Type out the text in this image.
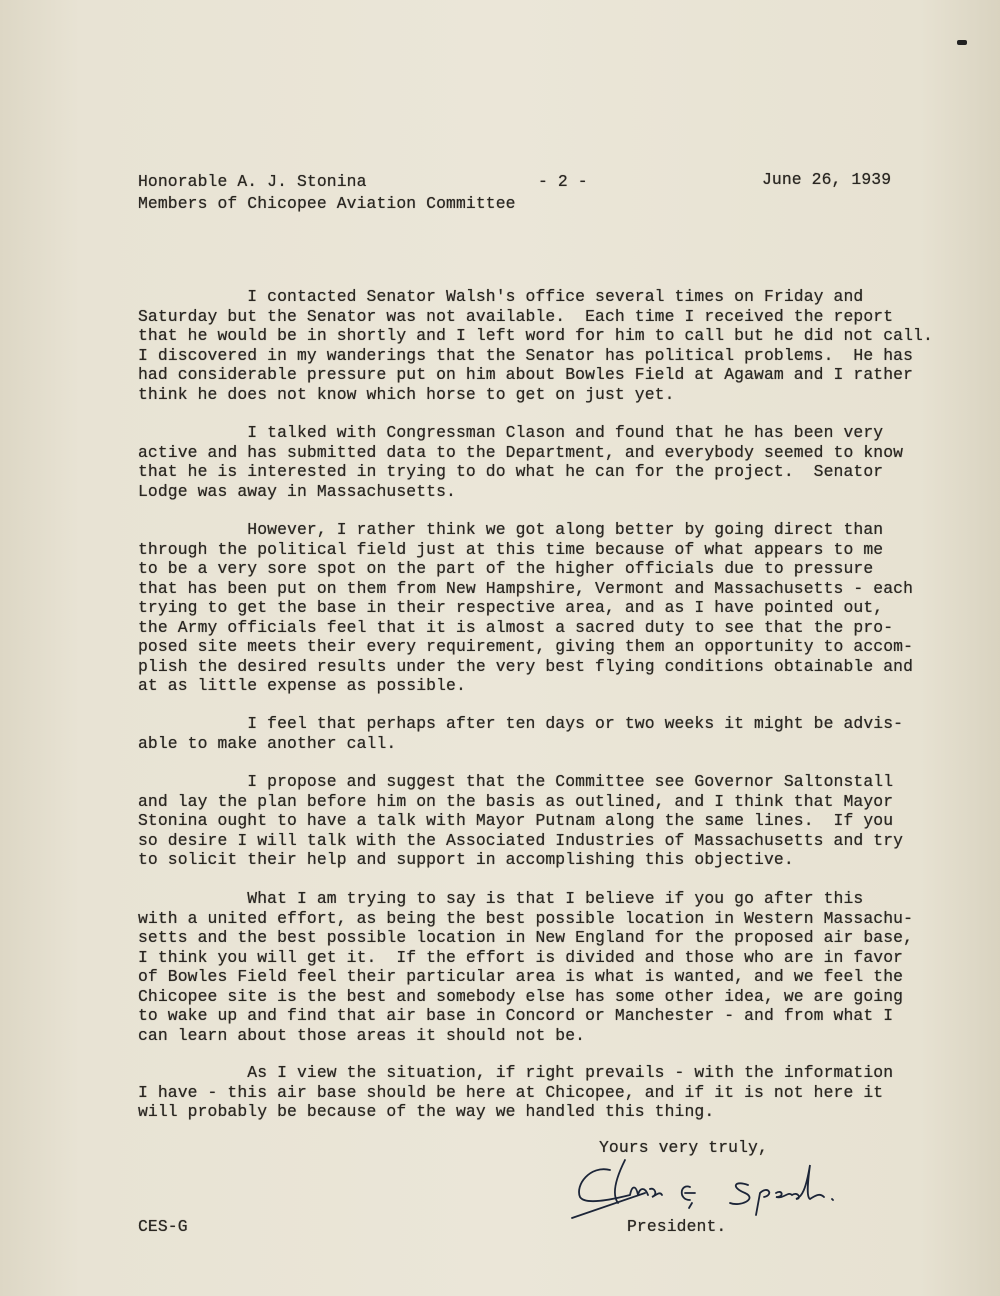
Honorable A. J. Stonina
Members of Chicopee Aviation Committee
- 2 -	June 26, 1939
I contacted Senator Walsh's office several times on Friday and
Saturday but the Senator was not available.  Each time I received the report
that he would be in shortly and I left word for him to call but he did not call.
I discovered in my wanderings that the Senator has political problems.  He has
had considerable pressure put on him about Bowles Field at Agawam and I rather
think he does not know which horse to get on just yet.
I talked with Congressman Clason and found that he has been very
active and has submitted data to the Department, and everybody seemed to know
that he is interested in trying to do what he can for the project.  Senator
Lodge was away in Massachusetts.
However, I rather think we got along better by going direct than
through the political field just at this time because of what appears to me
to be a very sore spot on the part of the higher officials due to pressure
that has been put on them from New Hampshire, Vermont and Massachusetts - each
trying to get the base in their respective area, and as I have pointed out,
the Army officials feel that it is almost a sacred duty to see that the pro-
posed site meets their every requirement, giving them an opportunity to accom-
plish the desired results under the very best flying conditions obtainable and
at as little expense as possible.
I feel that perhaps after ten days or two weeks it might be advis-
able to make another call.
I propose and suggest that the Committee see Governor Saltonstall
and lay the plan before him on the basis as outlined, and I think that Mayor
Stonina ought to have a talk with Mayor Putnam along the same lines.  If you
so desire I will talk with the Associated Industries of Massachusetts and try
to solicit their help and support in accomplishing this objective.
What I am trying to say is that I believe if you go after this
with a united effort, as being the best possible location in Western Massachu-
setts and the best possible location in New England for the proposed air base,
I think you will get it.  If the effort is divided and those who are in favor
of Bowles Field feel their particular area is what is wanted, and we feel the
Chicopee site is the best and somebody else has some other idea, we are going
to wake up and find that air base in Concord or Manchester - and from what I
can learn about those areas it should not be.
As I view the situation, if right prevails - with the information
I have - this air base should be here at Chicopee, and if it is not here it
will probably be because of the way we handled this thing.
Yours very truly,
CES-G	President.
